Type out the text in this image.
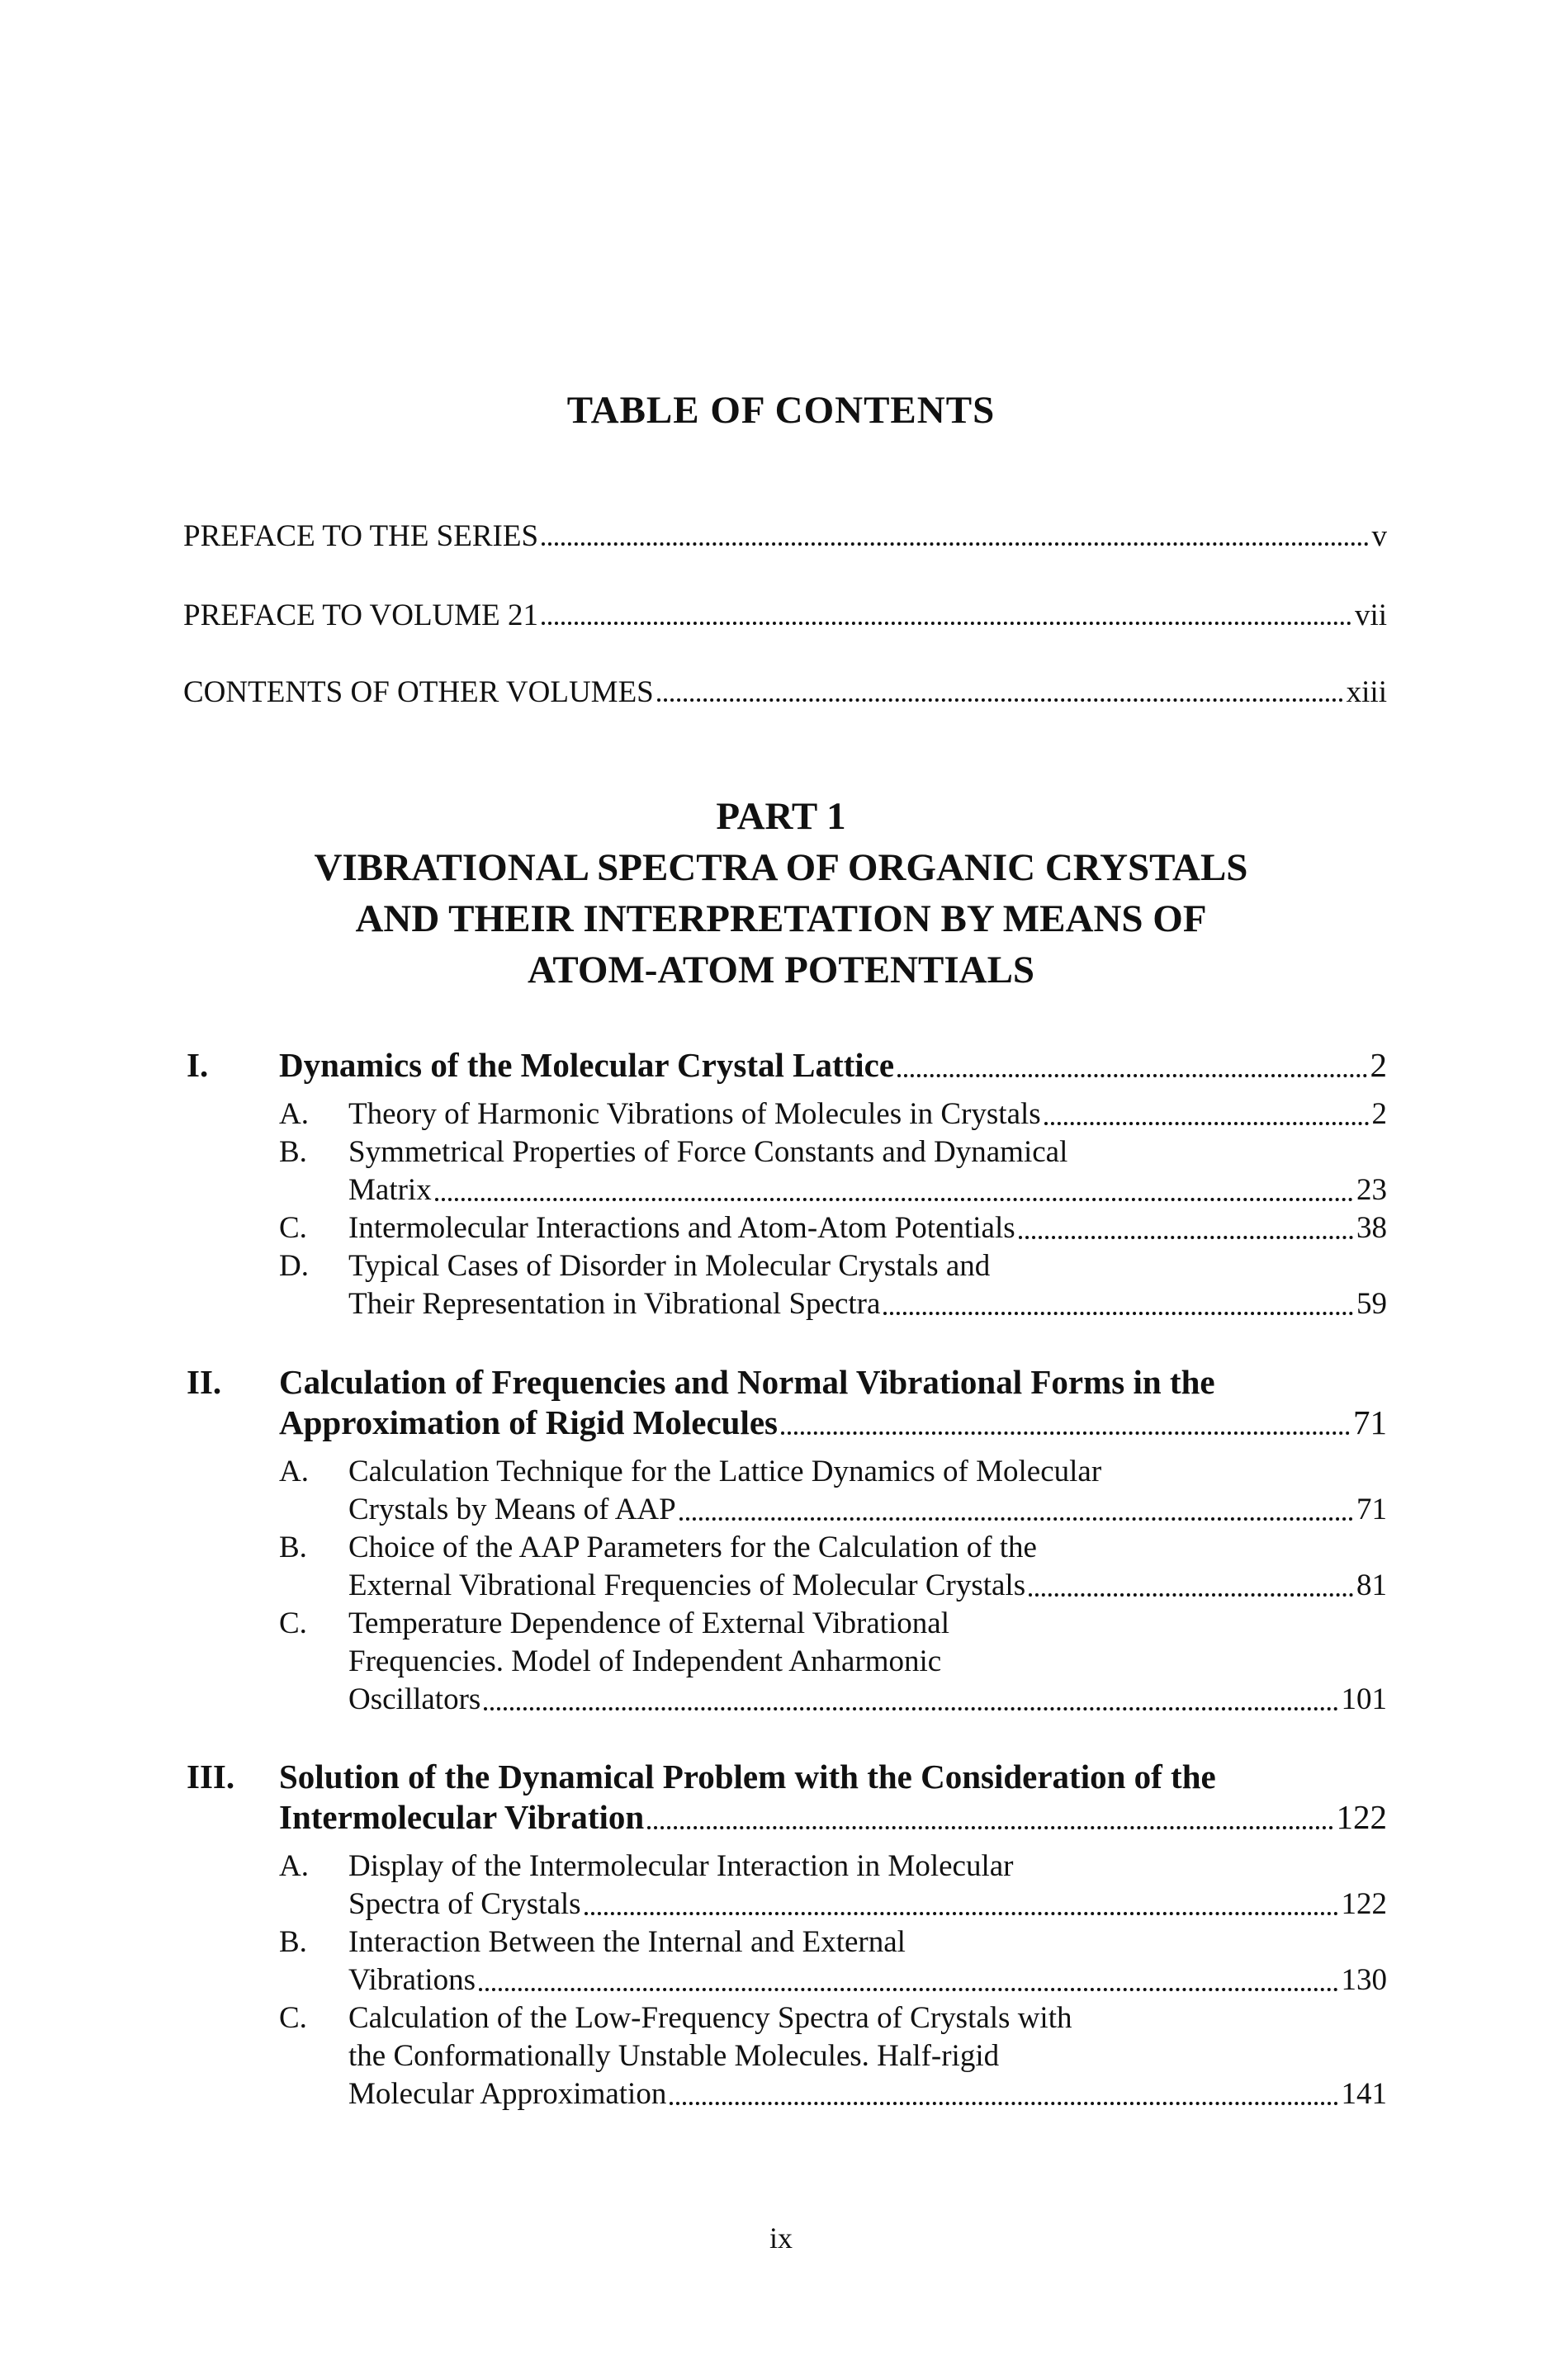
TABLE OF CONTENTS
PREFACE TO THE SERIES	v
PREFACE TO VOLUME 21	vii
CONTENTS OF OTHER VOLUMES	xiii
PART 1
VIBRATIONAL SPECTRA OF ORGANIC CRYSTALS
AND THEIR INTERPRETATION BY MEANS OF
ATOM-ATOM POTENTIALS
I. Dynamics of the Molecular Crystal Lattice	2
A. Theory of Harmonic Vibrations of Molecules in Crystals	2
B. Symmetrical Properties of Force Constants and Dynamical
Matrix	23
C. Intermolecular Interactions and Atom-Atom Potentials	38
D. Typical Cases of Disorder in Molecular Crystals and
Their Representation in Vibrational Spectra	59
II. Calculation of Frequencies and Normal Vibrational Forms in the
Approximation of Rigid Molecules	71
A. Calculation Technique for the Lattice Dynamics of Molecular
Crystals by Means of AAP	71
B. Choice of the AAP Parameters for the Calculation of the
External Vibrational Frequencies of Molecular Crystals	81
C. Temperature Dependence of External Vibrational
Frequencies. Model of Independent Anharmonic
Oscillators	101
III. Solution of the Dynamical Problem with the Consideration of the
Intermolecular Vibration	122
A. Display of the Intermolecular Interaction in Molecular
Spectra of Crystals	122
B. Interaction Between the Internal and External
Vibrations	130
C. Calculation of the Low-Frequency Spectra of Crystals with
the Conformationally Unstable Molecules. Half-rigid
Molecular Approximation	141
ix
